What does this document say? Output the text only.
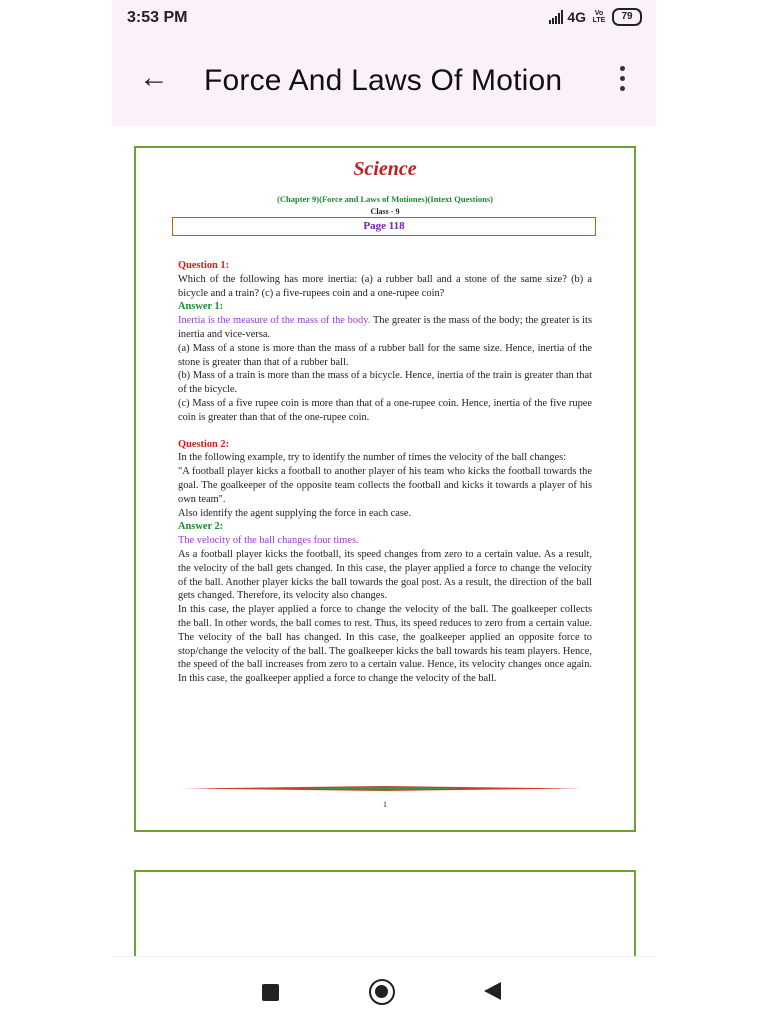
3:53 PM	4G	Vo LTE	79
← Force And Laws Of Motion
Science
(Chapter 9)(Force and Laws of Motiones)(Intext Questions)
Class - 9
Page 118

Question 1:

Which of the following has more inertia: (a) a rubber ball and a stone of the same size? (b) a bicycle and a train? (c) a five-rupees coin and a one-rupee coin?

Answer 1:

Inertia is the measure of the mass of the body. The greater is the mass of the body; the greater is its inertia and vice-versa.

(a) Mass of a stone is more than the mass of a rubber ball for the same size. Hence, inertia of the stone is greater than that of a rubber ball.

(b) Mass of a train is more than the mass of a bicycle. Hence, inertia of the train is greater than that of the bicycle.

(c) Mass of a five rupee coin is more than that of a one-rupee coin. Hence, inertia of the five rupee coin is greater than that of the one-rupee coin.

Question 2:

In the following example, try to identify the number of times the velocity of the ball changes:

"A football player kicks a football to another player of his team who kicks the football towards the goal. The goalkeeper of the opposite team collects the football and kicks it towards a player of his own team".

Also identify the agent supplying the force in each case.

Answer 2:

The velocity of the ball changes four times.

As a football player kicks the football, its speed changes from zero to a certain value. As a result, the velocity of the ball gets changed. In this case, the player applied a force to change the velocity of the ball. Another player kicks the ball towards the goal post. As a result, the direction of the ball gets changed. Therefore, its velocity also changes.

In this case, the player applied a force to change the velocity of the ball. The goalkeeper collects the ball. In other words, the ball comes to rest. Thus, its speed reduces to zero from a certain value. The velocity of the ball has changed. In this case, the goalkeeper applied an opposite force to stop/change the velocity of the ball. The goalkeeper kicks the ball towards his team players. Hence, the speed of the ball increases from zero to a certain value. Hence, its velocity changes once again. In this case, the goalkeeper applied a force to change the velocity of the ball.

1
